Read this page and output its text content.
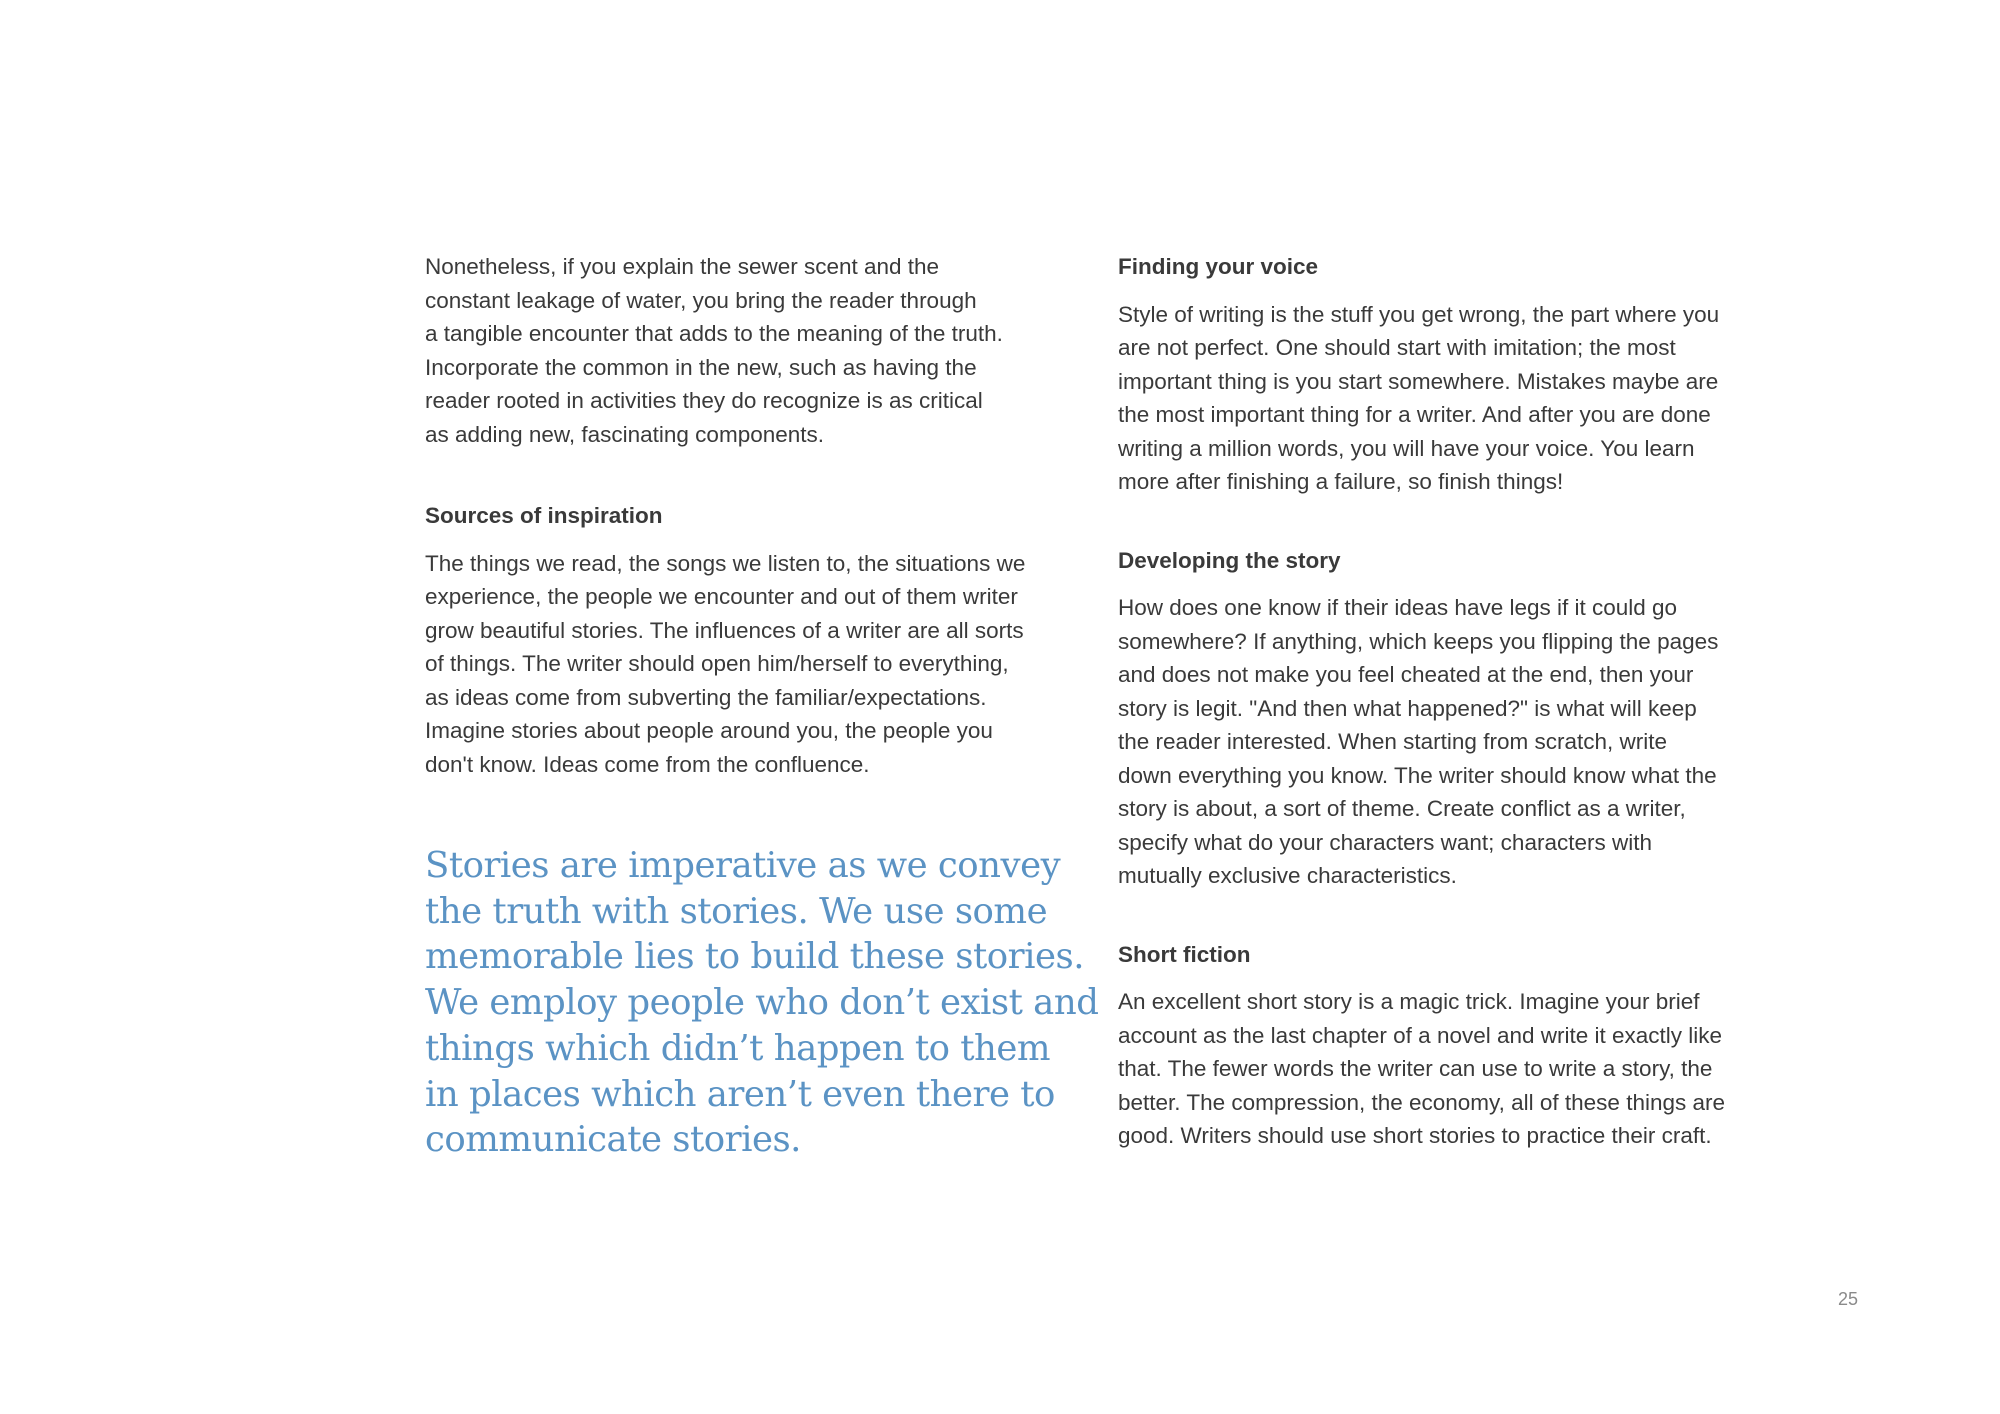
Nonetheless, if you explain the sewer scent and the
constant leakage of water, you bring the reader through
a tangible encounter that adds to the meaning of the truth.
Incorporate the common in the new, such as having the
reader rooted in activities they do recognize is as critical
as adding new, fascinating components.

Sources of inspiration

The things we read, the songs we listen to, the situations we
experience, the people we encounter and out of them writer
grow beautiful stories. The influences of a writer are all sorts
of things. The writer should open him/herself to everything,
as ideas come from subverting the familiar/expectations.
Imagine stories about people around you, the people you
don't know. Ideas come from the confluence.

Stories are imperative as we convey
the truth with stories. We use some
memorable lies to build these stories.
We employ people who don’t exist and
things which didn’t happen to them
in places which aren’t even there to
communicate stories.

Finding your voice

Style of writing is the stuff you get wrong, the part where you
are not perfect. One should start with imitation; the most
important thing is you start somewhere. Mistakes maybe are
the most important thing for a writer. And after you are done
writing a million words, you will have your voice. You learn
more after finishing a failure, so finish things!

Developing the story

How does one know if their ideas have legs if it could go
somewhere? If anything, which keeps you flipping the pages
and does not make you feel cheated at the end, then your
story is legit. "And then what happened?" is what will keep
the reader interested. When starting from scratch, write
down everything you know. The writer should know what the
story is about, a sort of theme. Create conflict as a writer,
specify what do your characters want; characters with
mutually exclusive characteristics.

Short fiction

An excellent short story is a magic trick. Imagine your brief
account as the last chapter of a novel and write it exactly like
that. The fewer words the writer can use to write a story, the
better. The compression, the economy, all of these things are
good. Writers should use short stories to practice their craft.

25
